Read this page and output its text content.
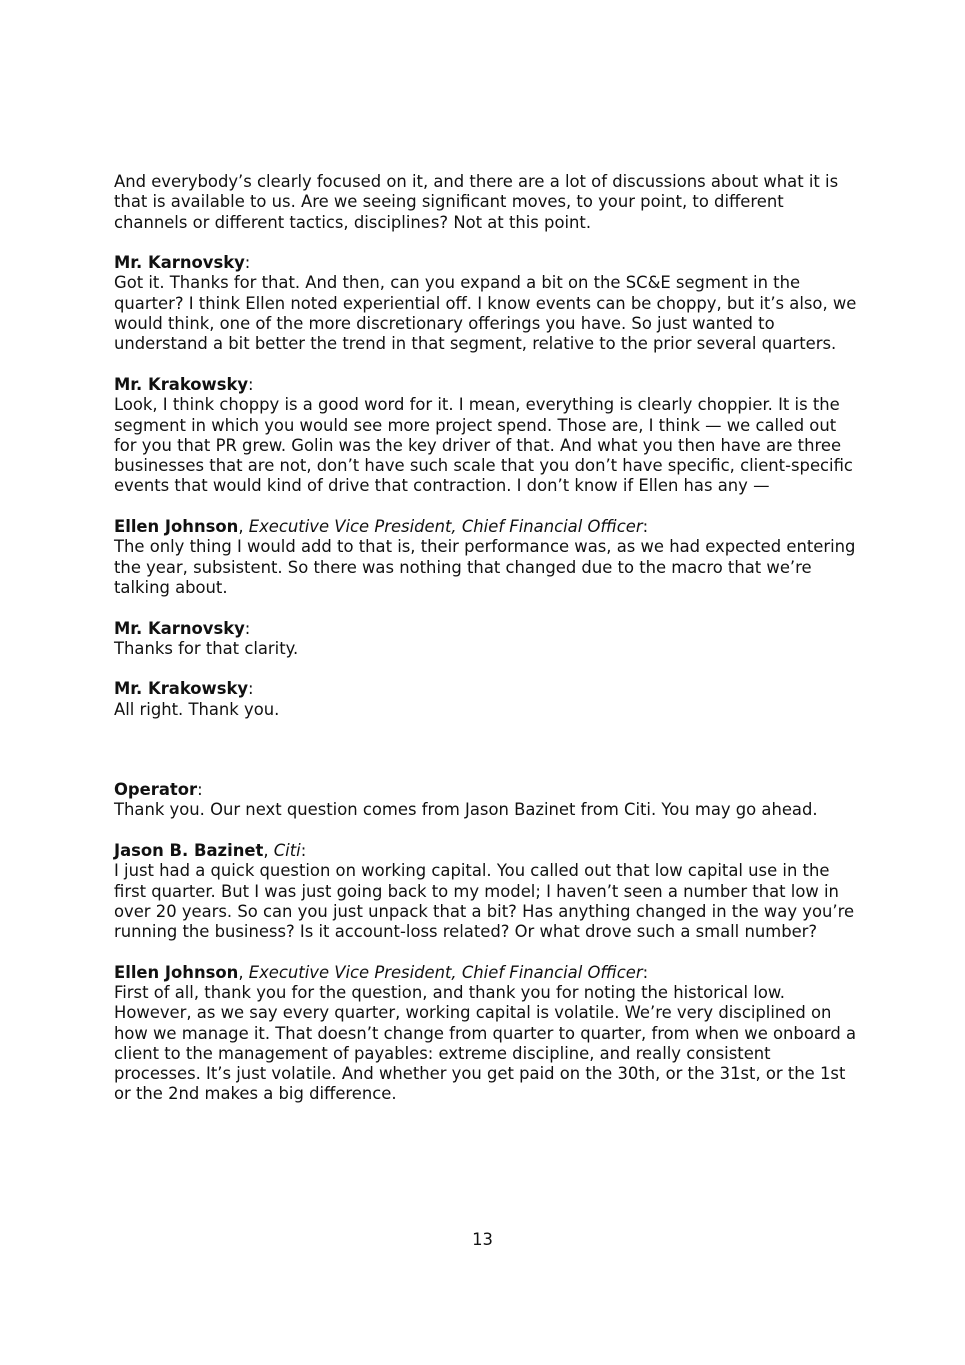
And everybody’s clearly focused on it, and there are a lot of discussions about what it is that is available to us. Are we seeing significant moves, to your point, to different channels or different tactics, disciplines? Not at this point.

Mr. Karnovsky:

Got it. Thanks for that. And then, can you expand a bit on the SC&E segment in the quarter? I think Ellen noted experiential off. I know events can be choppy, but it’s also, we would think, one of the more discretionary offerings you have. So just wanted to understand a bit better the trend in that segment, relative to the prior several quarters.

Mr. Krakowsky:

Look, I think choppy is a good word for it. I mean, everything is clearly choppier. It is the segment in which you would see more project spend. Those are, I think — we called out for you that PR grew. Golin was the key driver of that. And what you then have are three businesses that are not, don’t have such scale that you don’t have specific, client-specific events that would kind of drive that contraction. I don’t know if Ellen has any —

Ellen Johnson, Executive Vice President, Chief Financial Officer:

The only thing I would add to that is, their performance was, as we had expected entering the year, subsistent. So there was nothing that changed due to the macro that we’re talking about.

Mr. Karnovsky:

Thanks for that clarity.

Mr. Krakowsky:

All right. Thank you.

Operator:

Thank you. Our next question comes from Jason Bazinet from Citi. You may go ahead.

Jason B. Bazinet, Citi:

I just had a quick question on working capital. You called out that low capital use in the first quarter. But I was just going back to my model; I haven’t seen a number that low in over 20 years. So can you just unpack that a bit? Has anything changed in the way you’re running the business? Is it account-loss related? Or what drove such a small number?

Ellen Johnson, Executive Vice President, Chief Financial Officer:

First of all, thank you for the question, and thank you for noting the historical low. However, as we say every quarter, working capital is volatile. We’re very disciplined on how we manage it. That doesn’t change from quarter to quarter, from when we onboard a client to the management of payables: extreme discipline, and really consistent processes. It’s just volatile. And whether you get paid on the 30th, or the 31st, or the 1st or the 2nd makes a big difference.

13
